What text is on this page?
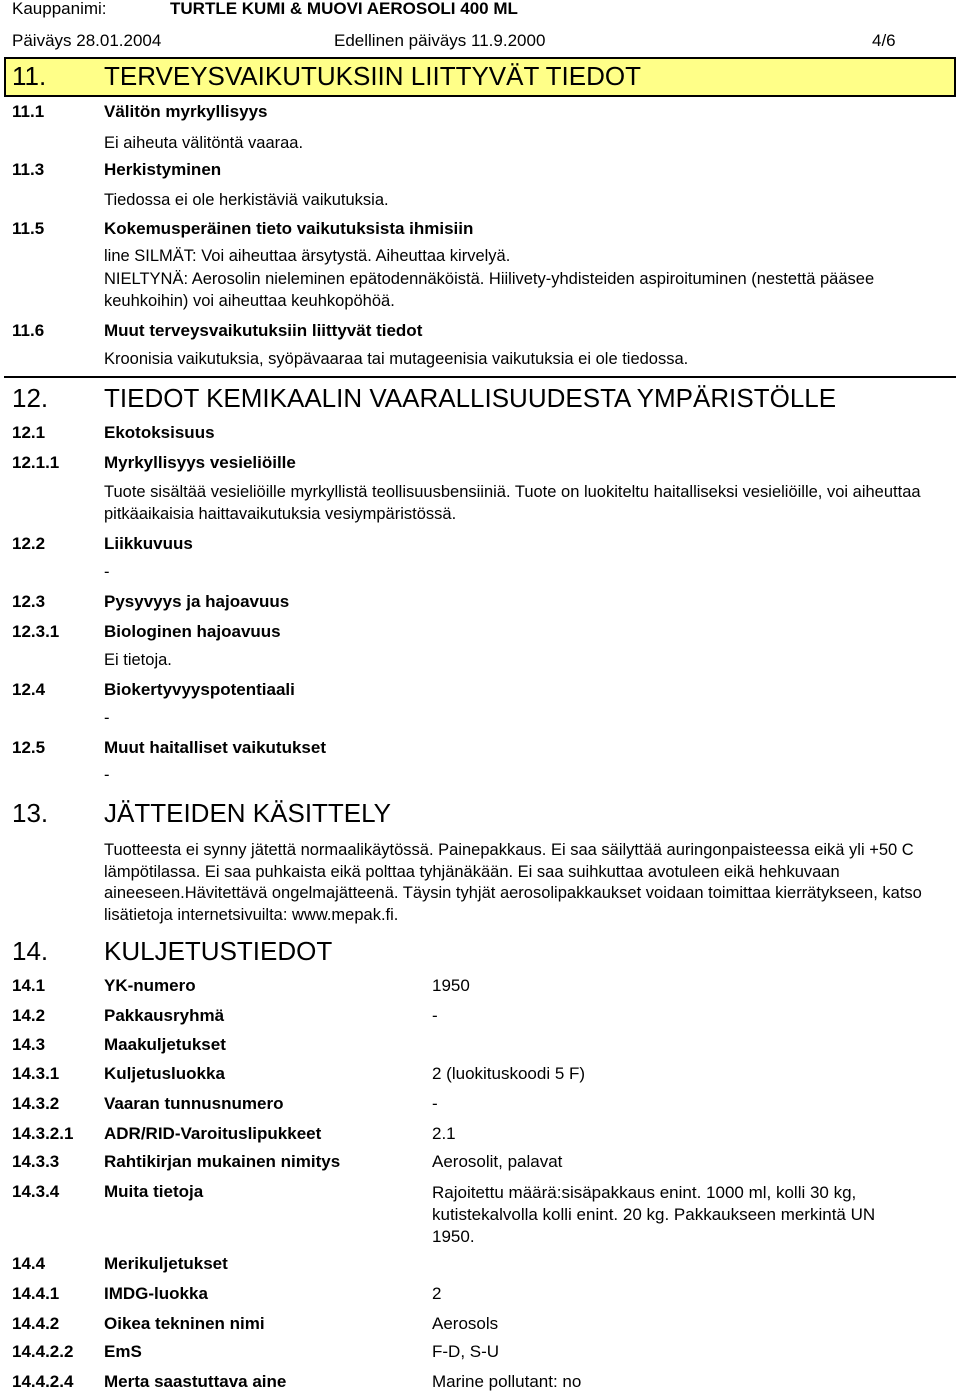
Kauppanimi:	TURTLE KUMI & MUOVI AEROSOLI 400 ML
Päiväys 28.01.2004	Edellinen päiväys 11.9.2000	4/6
11. TERVEYSVAIKUTUKSIIN LIITTYVÄT TIEDOT
11.1	Välitön myrkyllisyys
Ei aiheuta välitöntä vaaraa.
11.3	Herkistyminen
Tiedossa ei ole herkistäviä vaikutuksia.
11.5	Kokemusperäinen tieto vaikutuksista ihmisiin
line SILMÄT: Voi aiheuttaa ärsytystä. Aiheuttaa kirvelyä.
NIELTYNÄ: Aerosolin nieleminen epätodennäköistä. Hiilivety-yhdisteiden aspiroituminen (nestettä pääsee keuhkoihin) voi aiheuttaa keuhkopöhöä.
11.6	Muut terveysvaikutuksiin liittyvät tiedot
Kroonisia vaikutuksia, syöpävaaraa tai mutageenisia vaikutuksia ei ole tiedossa.
12. TIEDOT KEMIKAALIN VAARALLISUUDESTA YMPÄRISTÖLLE
12.1	Ekotoksisuus
12.1.1	Myrkyllisyys vesieliöille
Tuote sisältää vesieliöille myrkyllistä teollisuusbensiiniä. Tuote on luokiteltu haitalliseksi vesieliöille, voi aiheuttaa pitkäaikaisia haittavaikutuksia vesiympäristössä.
12.2	Liikkuvuus
-
12.3	Pysyvyys ja hajoavuus
12.3.1	Biologinen hajoavuus
Ei tietoja.
12.4	Biokertyvyyspotentiaali
-
12.5	Muut haitalliset vaikutukset
-
13. JÄTTEIDEN KÄSITTELY
Tuotteesta ei synny jätettä normaalikäytössä. Painepakkaus. Ei saa säilyttää auringonpaisteessa eikä yli +50 C lämpötilassa. Ei saa puhkaista eikä polttaa tyhjänäkään. Ei saa suihkuttaa avotuleen eikä hehkuvaan aineeseen.Hävitettävä ongelmajätteenä. Täysin tyhjät aerosolipakkaukset voidaan toimittaa kierrätykseen, katso lisätietoja internetsivuilta: www.mepak.fi.
14. KULJETUSTIEDOT
14.1	YK-numero	1950
14.2	Pakkausryhmä	-
14.3	Maakuljetukset
14.3.1	Kuljetusluokka	2 (luokituskoodi 5 F)
14.3.2	Vaaran tunnusnumero	-
14.3.2.1 ADR/RID-Varoituslipukkeet	2.1
14.3.3	Rahtikirjan mukainen nimitys	Aerosolit, palavat
14.3.4	Muita tietoja	Rajoitettu määrä:sisäpakkaus enint. 1000 ml, kolli 30 kg, kutistekalvolla kolli enint. 20 kg. Pakkaukseen merkintä UN 1950.
14.4	Merikuljetukset
14.4.1	IMDG-luokka	2
14.4.2	Oikea tekninen nimi	Aerosols
14.4.2.2 EmS	F-D, S-U
14.4.2.4 Merta saastuttava aine	Marine pollutant: no
